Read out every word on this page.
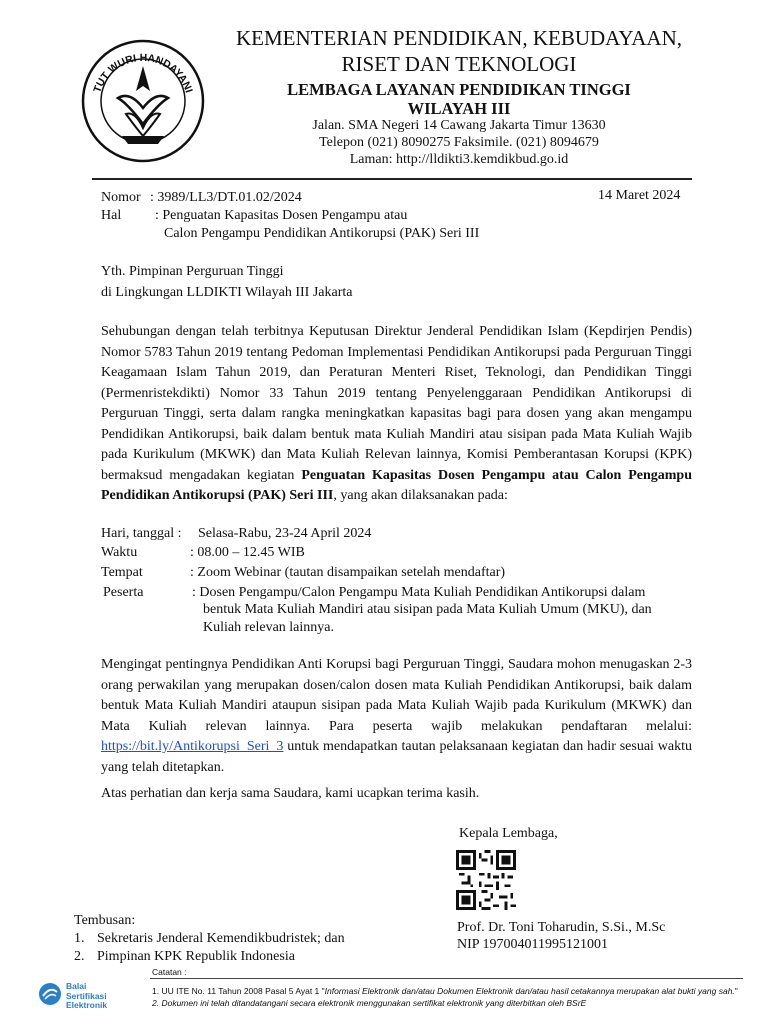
TUT WURI HANDAYANI
KEMENTERIAN PENDIDIKAN, KEBUDAYAAN,
RISET DAN TEKNOLOGI
LEMBAGA LAYANAN PENDIDIKAN TINGGI
WILAYAH III
Jalan. SMA Negeri 14 Cawang Jakarta Timur 13630
Telepon (021) 8090275 Faksimile. (021) 8094679
Laman: http://lldikti3.kemdikbud.go.id
Nomor : 3989/LL3/DT.01.02/2024	14 Maret 2024
Hal : Penguatan Kapasitas Dosen Pengampu atau
Calon Pengampu Pendidikan Antikorupsi (PAK) Seri III
Yth. Pimpinan Perguruan Tinggi
di Lingkungan LLDIKTI Wilayah III Jakarta
Sehubungan dengan telah terbitnya Keputusan Direktur Jenderal Pendidikan Islam (Kepdirjen Pendis) Nomor 5783 Tahun 2019 tentang Pedoman Implementasi Pendidikan Antikorupsi pada Perguruan Tinggi Keagamaan Islam Tahun 2019, dan Peraturan Menteri Riset, Teknologi, dan Pendidikan Tinggi (Permenristekdikti) Nomor 33 Tahun 2019 tentang Penyelenggaraan Pendidikan Antikorupsi di Perguruan Tinggi, serta dalam rangka meningkatkan kapasitas bagi para dosen yang akan mengampu Pendidikan Antikorupsi, baik dalam bentuk mata Kuliah Mandiri atau sisipan pada Mata Kuliah Wajib pada Kurikulum (MKWK) dan Mata Kuliah Relevan lainnya, Komisi Pemberantasan Korupsi (KPK) bermaksud mengadakan kegiatan Penguatan Kapasitas Dosen Pengampu atau Calon Pengampu Pendidikan Antikorupsi (PAK) Seri III, yang akan dilaksanakan pada:
Hari, tanggal : Selasa-Rabu, 23-24 April 2024
Waktu	: 08.00 – 12.45 WIB
Tempat	: Zoom Webinar (tautan disampaikan setelah mendaftar)
Peserta	: Dosen Pengampu/Calon Pengampu Mata Kuliah Pendidikan Antikorupsi dalam
bentuk Mata Kuliah Mandiri atau sisipan pada Mata Kuliah Umum (MKU), dan
Kuliah relevan lainnya.
Mengingat pentingnya Pendidikan Anti Korupsi bagi Perguruan Tinggi, Saudara mohon menugaskan 2-3 orang perwakilan yang merupakan dosen/calon dosen mata Kuliah Pendidikan Antikorupsi, baik dalam bentuk Mata Kuliah Mandiri ataupun sisipan pada Mata Kuliah Wajib pada Kurikulum (MKWK) dan Mata Kuliah relevan lainnya. Para peserta wajib melakukan pendaftaran melalui: https://bit.ly/Antikorupsi_Seri_3 untuk mendapatkan tautan pelaksanaan kegiatan dan hadir sesuai waktu yang telah ditetapkan.
Atas perhatian dan kerja sama Saudara, kami ucapkan terima kasih.
Kepala Lembaga,
Prof. Dr. Toni Toharudin, S.Si., M.Sc
NIP 197004011995121001
Tembusan:
1. Sekretaris Jenderal Kemendikbudristek; dan
2. Pimpinan KPK Republik Indonesia
Balai
Sertifikasi
Elektronik
Catatan :
1. UU ITE No. 11 Tahun 2008 Pasal 5 Ayat 1 "Informasi Elektronik dan/atau Dokumen Elektronik dan/atau hasil cetakannya merupakan alat bukti yang sah."
2. Dokumen ini telah ditandatangani secara elektronik menggunakan sertifikat elektronik yang diterbitkan oleh BSrE
